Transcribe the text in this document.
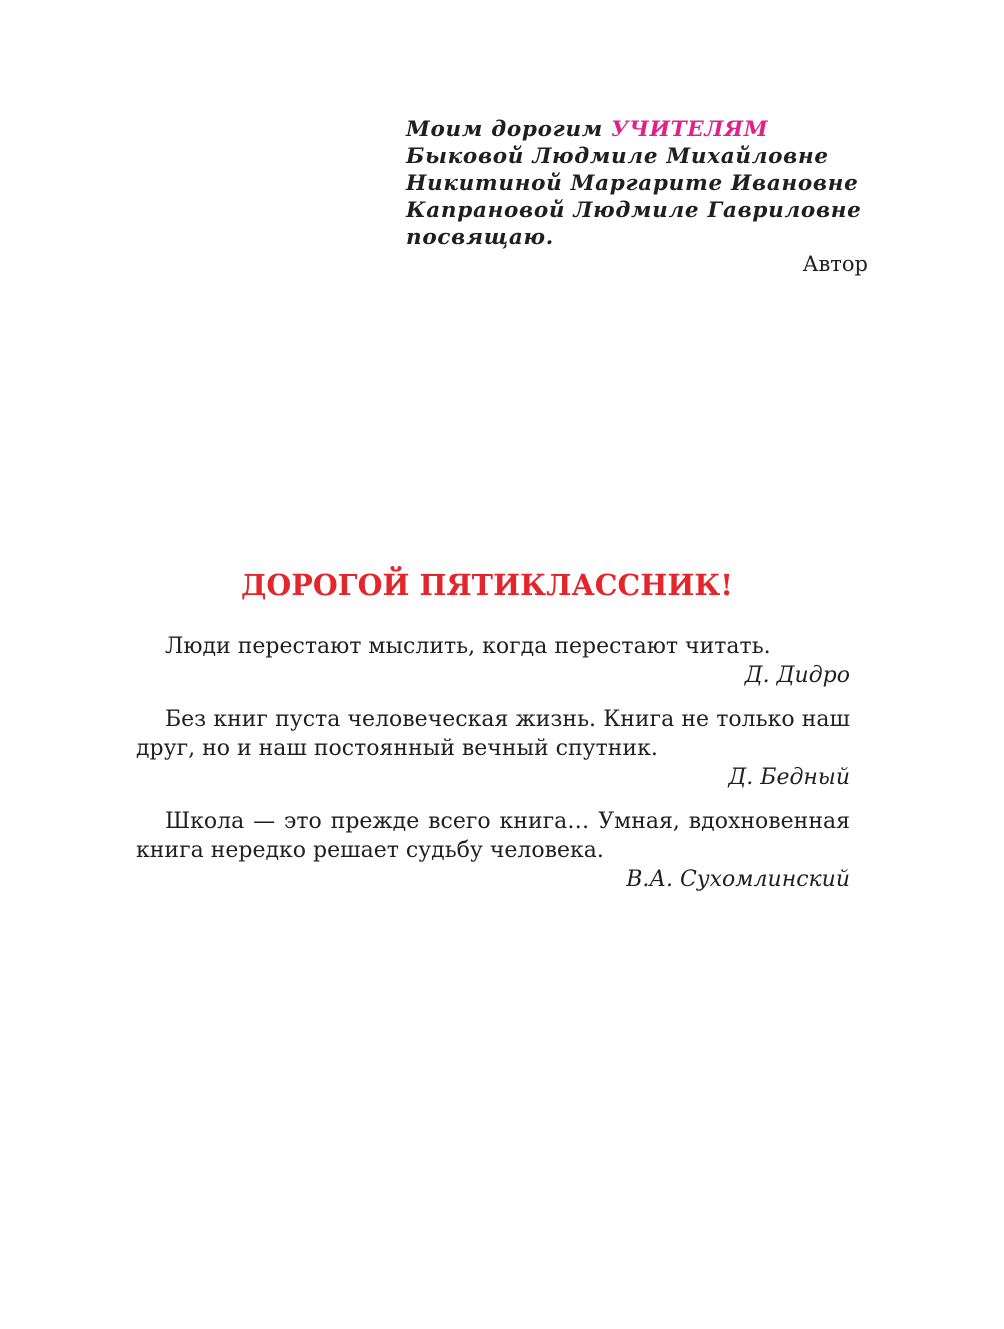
Моим дорогим УЧИТЕЛЯМ
Быковой Людмиле Михайловне
Никитиной Маргарите Ивановне
Капрановой Людмиле Гавриловне
посвящаю.
Автор
ДОРОГОЙ ПЯТИКЛАССНИК!

Люди перестают мыслить, когда перестают читать.

Д. Дидро

Без книг пуста человеческая жизнь. Книга не только наш друг, но и наш постоянный вечный спутник.

Д. Бедный

Школа — это прежде всего книга… Умная, вдохновенная книга нередко решает судьбу человека.

В.А. Сухомлинский
